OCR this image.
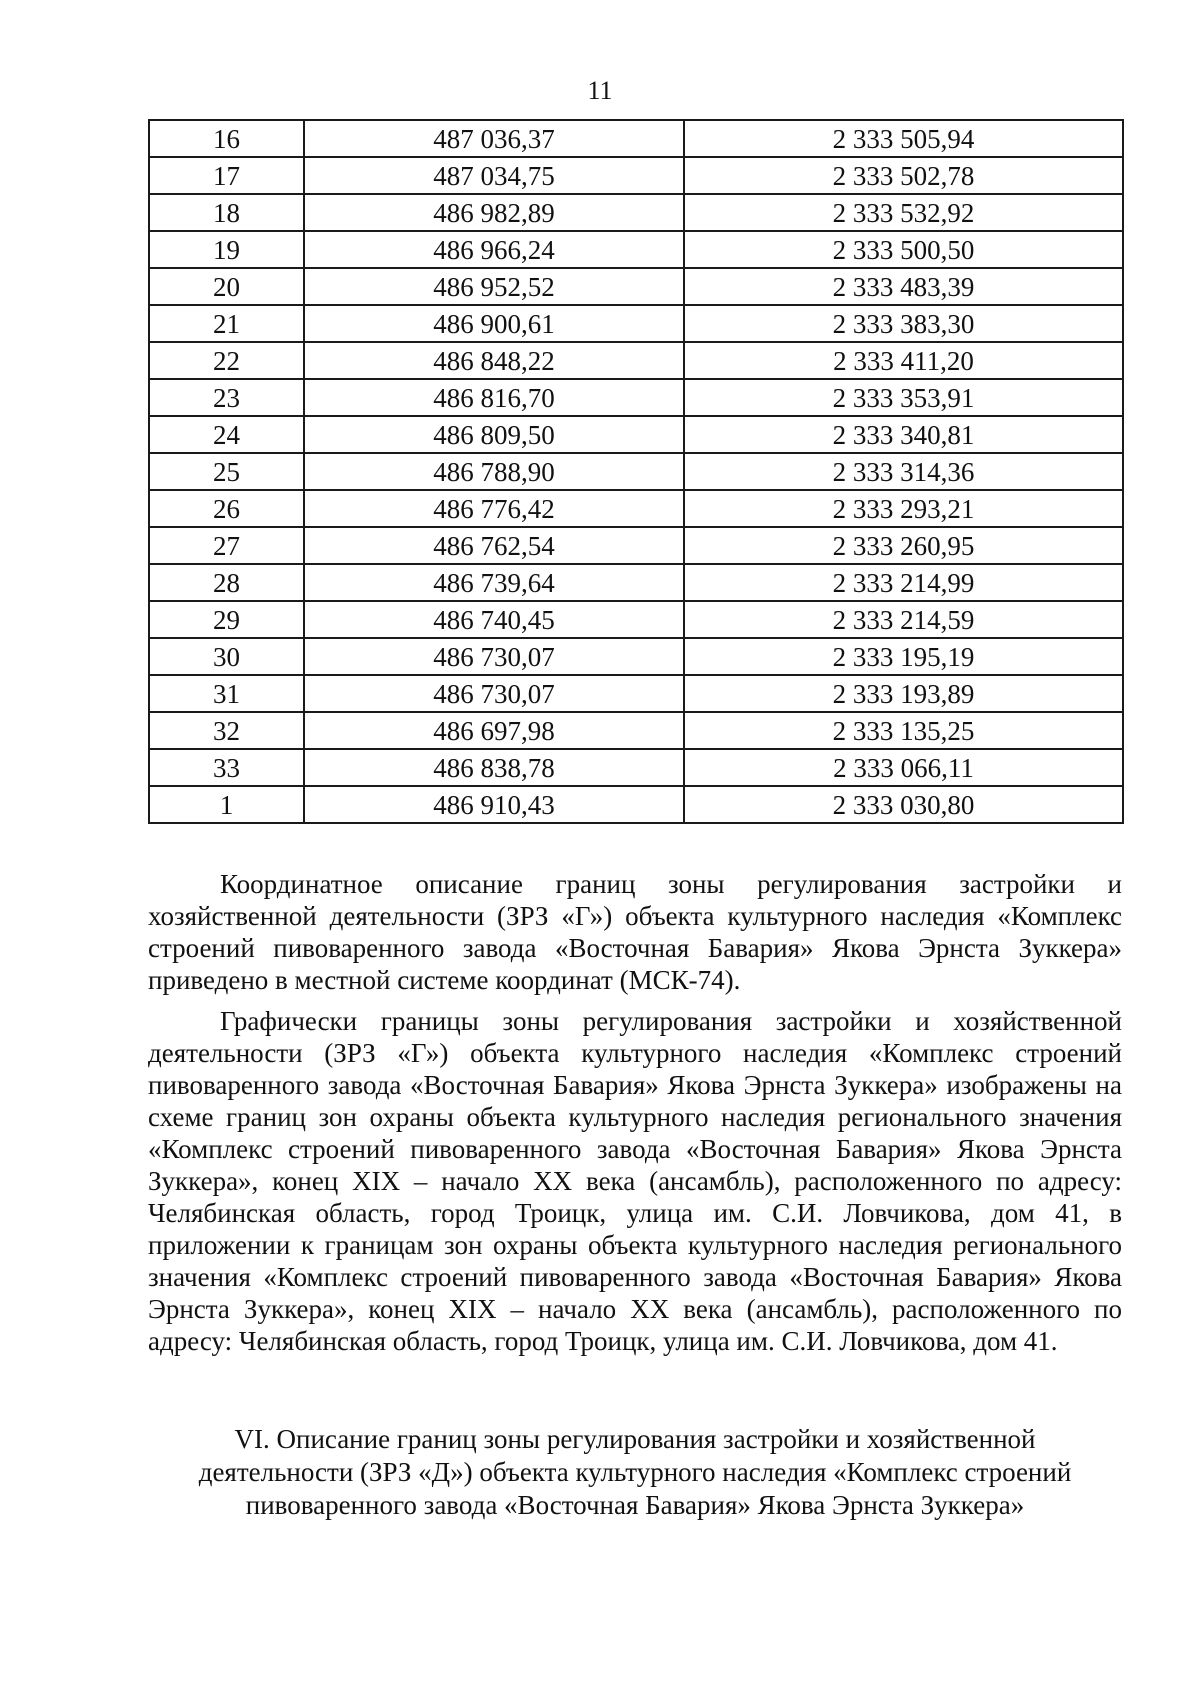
11
16	487 036,37	2 333 505,94
17	487 034,75	2 333 502,78
18	486 982,89	2 333 532,92
19	486 966,24	2 333 500,50
20	486 952,52	2 333 483,39
21	486 900,61	2 333 383,30
22	486 848,22	2 333 411,20
23	486 816,70	2 333 353,91
24	486 809,50	2 333 340,81
25	486 788,90	2 333 314,36
26	486 776,42	2 333 293,21
27	486 762,54	2 333 260,95
28	486 739,64	2 333 214,99
29	486 740,45	2 333 214,59
30	486 730,07	2 333 195,19
31	486 730,07	2 333 193,89
32	486 697,98	2 333 135,25
33	486 838,78	2 333 066,11
1	486 910,43	2 333 030,80

Координатное описание границ зоны регулирования застройки и хозяйственной деятельности (ЗРЗ «Г») объекта культурного наследия «Комплекс строений пивоваренного завода «Восточная Бавария» Якова Эрнста Зуккера» приведено в местной системе координат (МСК-74).

Графически границы зоны регулирования застройки и хозяйственной деятельности (ЗРЗ «Г») объекта культурного наследия «Комплекс строений пивоваренного завода «Восточная Бавария» Якова Эрнста Зуккера» изображены на схеме границ зон охраны объекта культурного наследия регионального значения «Комплекс строений пивоваренного завода «Восточная Бавария» Якова Эрнста Зуккера», конец XIX – начало XX века (ансамбль), расположенного по адресу: Челябинская область, город Троицк, улица им. С.И. Ловчикова, дом 41, в приложении к границам зон охраны объекта культурного наследия регионального значения «Комплекс строений пивоваренного завода «Восточная Бавария» Якова Эрнста Зуккера», конец XIX – начало XX века (ансамбль), расположенного по адресу: Челябинская область, город Троицк, улица им. С.И. Ловчикова, дом 41.

VI. Описание границ зоны регулирования застройки и хозяйственной
деятельности (ЗРЗ «Д») объекта культурного наследия «Комплекс строений
пивоваренного завода «Восточная Бавария» Якова Эрнста Зуккера»
